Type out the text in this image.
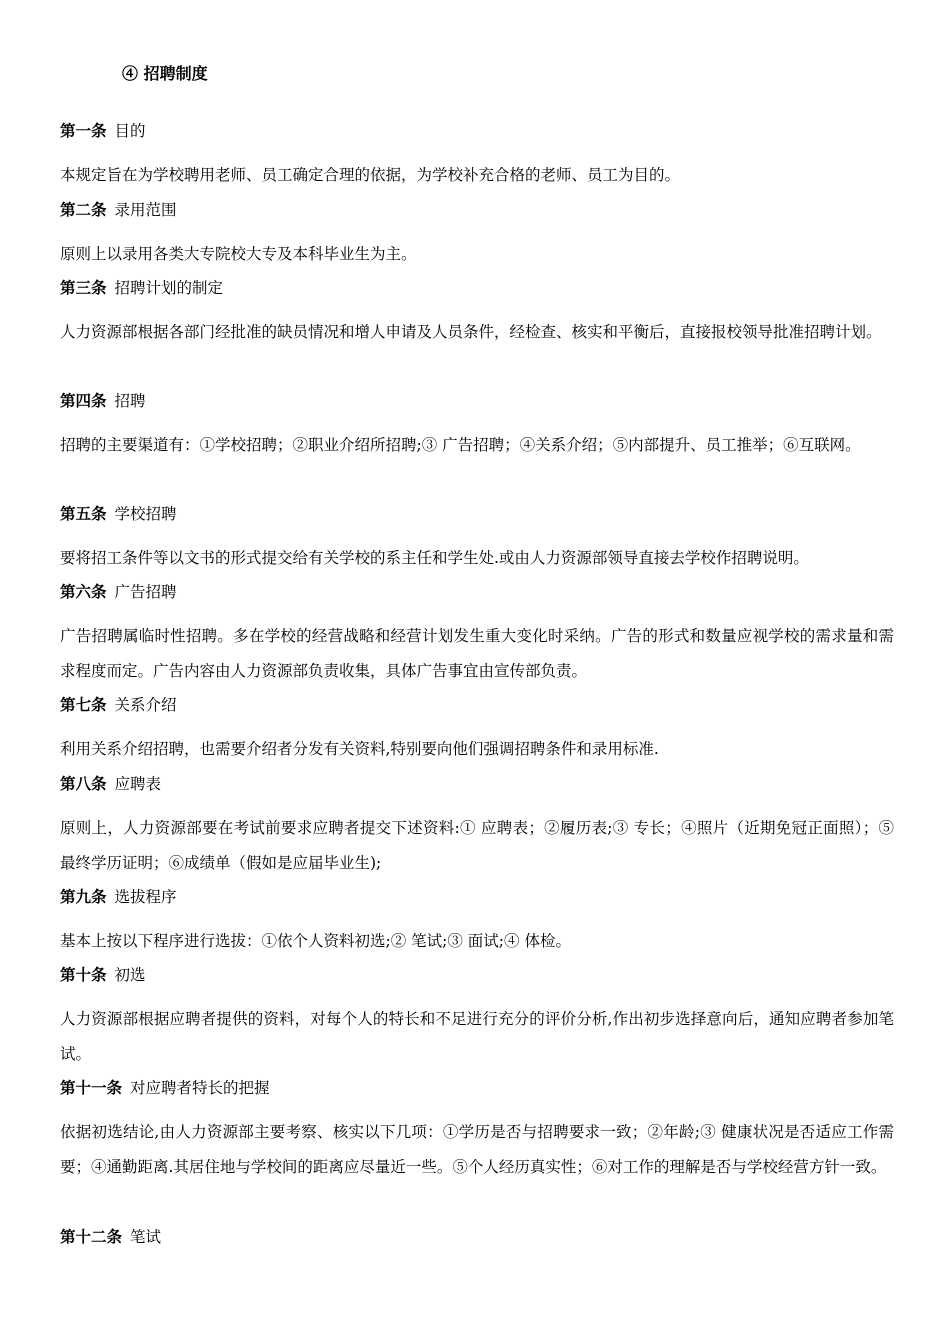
④ 招聘制度

第一条 目的

本规定旨在为学校聘用老师、员工确定合理的依据，为学校补充合格的老师、员工为目的。

第二条 录用范围

原则上以录用各类大专院校大专及本科毕业生为主。

第三条 招聘计划的制定

人力资源部根据各部门经批准的缺员情况和增人申请及人员条件，经检查、核实和平衡后，直接报校领导批准招聘计划。

第四条 招聘

招聘的主要渠道有：①学校招聘；②职业介绍所招聘;③ 广告招聘；④关系介绍；⑤内部提升、员工推举；⑥互联网。

第五条 学校招聘

要将招工条件等以文书的形式提交给有关学校的系主任和学生处.或由人力资源部领导直接去学校作招聘说明。

第六条 广告招聘

广告招聘属临时性招聘。多在学校的经营战略和经营计划发生重大变化时采纳。广告的形式和数量应视学校的需求量和需求程度而定。广告内容由人力资源部负责收集，具体广告事宜由宣传部负责。

第七条 关系介绍

利用关系介绍招聘，也需要介绍者分发有关资料,特别要向他们强调招聘条件和录用标准.

第八条 应聘表

原则上，人力资源部要在考试前要求应聘者提交下述资料:① 应聘表；②履历表;③ 专长；④照片（近期免冠正面照）；⑤最终学历证明；⑥成绩单（假如是应届毕业生);

第九条 选拔程序

基本上按以下程序进行选拔：①依个人资料初选;② 笔试;③ 面试;④ 体检。

第十条 初选

人力资源部根据应聘者提供的资料，对每个人的特长和不足进行充分的评价分析,作出初步选择意向后，通知应聘者参加笔试。

第十一条 对应聘者特长的把握

依据初选结论,由人力资源部主要考察、核实以下几项：①学历是否与招聘要求一致；②年龄;③ 健康状况是否适应工作需要；④通勤距离.其居住地与学校间的距离应尽量近一些。⑤个人经历真实性；⑥对工作的理解是否与学校经营方针一致。

第十二条 笔试
